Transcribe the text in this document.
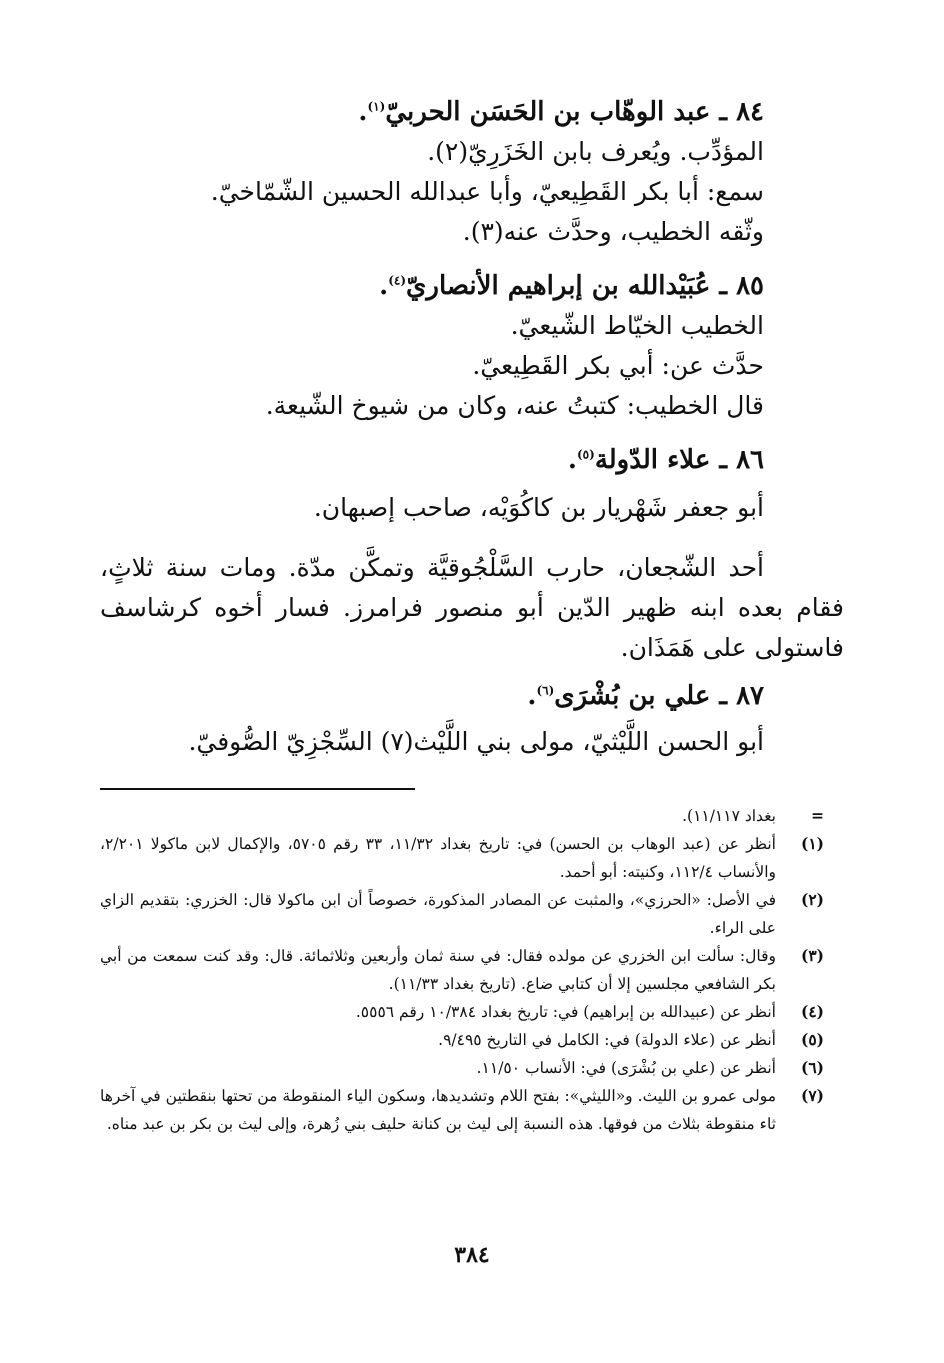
٨٤ ـ عبد الوهّاب بن الحَسَن الحربيّ$^{(١)}$.

المؤدِّب. ويُعرف بابن الخَزَرِيّ(٢).

سمع: أبا بكر القَطِيعيّ، وأبا عبدالله الحسين الشّمّاخيّ.

وثّقه الخطيب، وحدَّث عنه(٣).

٨٥ ـ عُبَيْدالله بن إبراهيم الأنصاريّ$^{(٤)}$.

الخطيب الخيّاط الشّيعيّ.

حدَّث عن: أبي بكر القَطِيعيّ.

قال الخطيب: كتبتُ عنه، وكان من شيوخ الشّيعة.

٨٦ ـ علاء الدّولة$^{(٥)}$.

أبو جعفر شَهْريار بن كاكُوَيْه، صاحب إصبهان.

أحد الشّجعان، حارب السَّلْجُوقيَّة وتمكَّن مدّة. ومات سنة ثلاثٍ، فقام بعده ابنه ظهير الدّين أبو منصور فرامرز. فسار أخوه كرشاسف فاستولى على هَمَذَان.

٨٧ ـ علي بن بُشْرَى$^{(٦)}$.

أبو الحسن اللَّيْثيّ، مولى بني اللَّيْث(٧) السِّجْزِيّ الصُّوفيّ.

=
بغداد ١١/١١٧).
(١)
أنظر عن (عبد الوهاب بن الحسن) في: تاريخ بغداد ١١/٣٢، ٣٣ رقم ٥٧٠٥، والإكمال لابن ماكولا ٢/٢٠١، والأنساب ١١٢/٤، وكنيته: أبو أحمد.
(٢)
في الأصل: «الحرزي»، والمثبت عن المصادر المذكورة، خصوصاً أن ابن ماكولا قال: الخزري: بتقديم الزاي على الراء.
(٣)
وقال: سألت ابن الخزري عن مولده فقال: في سنة ثمان وأربعين وثلاثمائة. قال: وقد كنت سمعت من أبي بكر الشافعي مجلسين إلا أن كتابي ضاع. (تاريخ بغداد ١١/٣٣).
(٤)
أنظر عن (عبيدالله بن إبراهيم) في: تاريخ بغداد ١٠/٣٨٤ رقم ٥٥٥٦.
(٥)
أنظر عن (علاء الدولة) في: الكامل في التاريخ ٩/٤٩٥.
(٦)
أنظر عن (علي بن بُشْرَى) في: الأنساب ١١/٥٠.
(٧)
مولى عمرو بن الليث. و«الليثي»: بفتح اللام وتشديدها، وسكون الياء المنقوطة من تحتها بنقطتين في آخرها ثاء منقوطة بثلاث من فوقها. هذه النسبة إلى ليث بن كنانة حليف بني زُهرة، وإلى ليث بن بكر بن عبد مناه.
٣٨٤
